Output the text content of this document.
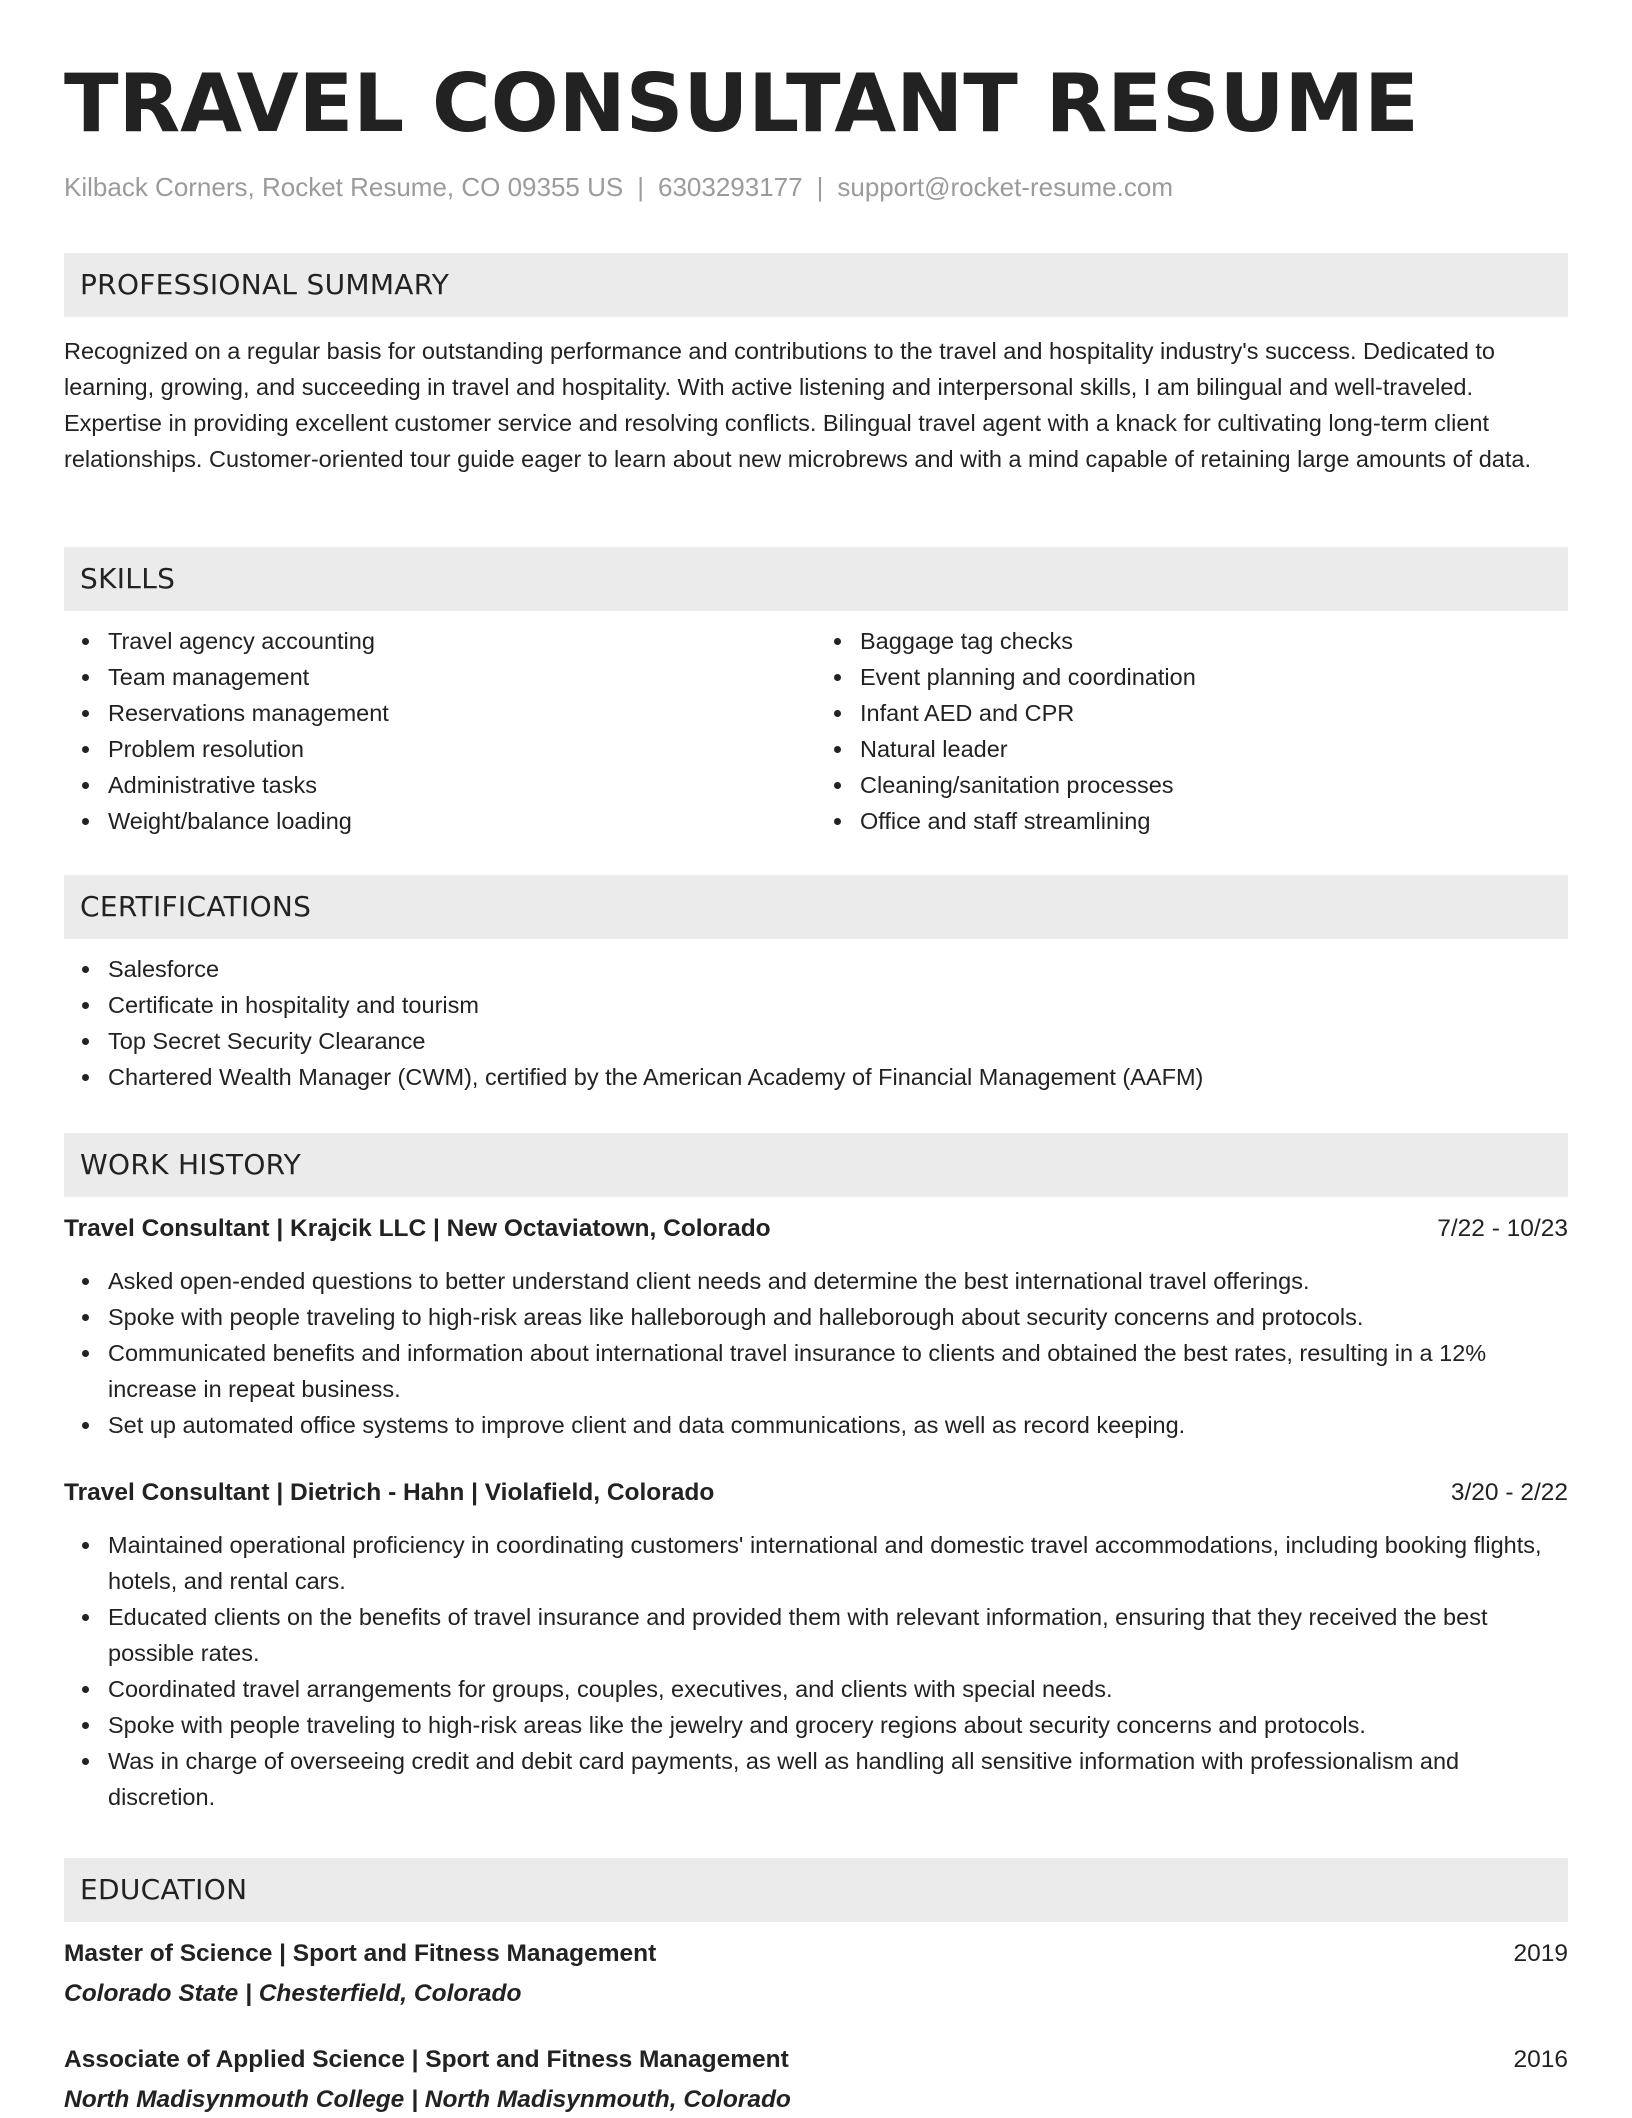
TRAVEL CONSULTANT RESUME
Kilback Corners, Rocket Resume, CO 09355 US | 6303293177 | support@rocket-resume.com
PROFESSIONAL SUMMARY

Recognized on a regular basis for outstanding performance and contributions to the travel and hospitality industry's success. Dedicated to learning, growing, and succeeding in travel and hospitality. With active listening and interpersonal skills, I am bilingual and well-traveled. Expertise in providing excellent customer service and resolving conflicts. Bilingual travel agent with a knack for cultivating long-term client relationships. Customer-oriented tour guide eager to learn about new microbrews and with a mind capable of retaining large amounts of data.

SKILLS
Travel agency accounting
Team management
Reservations management
Problem resolution
Administrative tasks
Weight/balance loading
Baggage tag checks
Event planning and coordination
Infant AED and CPR
Natural leader
Cleaning/sanitation processes
Office and staff streamlining
CERTIFICATIONS
Salesforce
Certificate in hospitality and tourism
Top Secret Security Clearance
Chartered Wealth Manager (CWM), certified by the American Academy of Financial Management (AAFM)
WORK HISTORY
Travel Consultant | Krajcik LLC | New Octaviatown, Colorado	7/22 - 10/23
Asked open-ended questions to better understand client needs and determine the best international travel offerings.
Spoke with people traveling to high-risk areas like halleborough and halleborough about security concerns and protocols.
Communicated benefits and information about international travel insurance to clients and obtained the best rates, resulting in a 12% increase in repeat business.
Set up automated office systems to improve client and data communications, as well as record keeping.
Travel Consultant | Dietrich - Hahn | Violafield, Colorado	3/20 - 2/22
Maintained operational proficiency in coordinating customers' international and domestic travel accommodations, including booking flights, hotels, and rental cars.
Educated clients on the benefits of travel insurance and provided them with relevant information, ensuring that they received the best possible rates.
Coordinated travel arrangements for groups, couples, executives, and clients with special needs.
Spoke with people traveling to high-risk areas like the jewelry and grocery regions about security concerns and protocols.
Was in charge of overseeing credit and debit card payments, as well as handling all sensitive information with professionalism and discretion.
EDUCATION
Master of Science | Sport and Fitness Management	2019
Colorado State | Chesterfield, Colorado
Associate of Applied Science | Sport and Fitness Management	2016
North Madisynmouth College | North Madisynmouth, Colorado
